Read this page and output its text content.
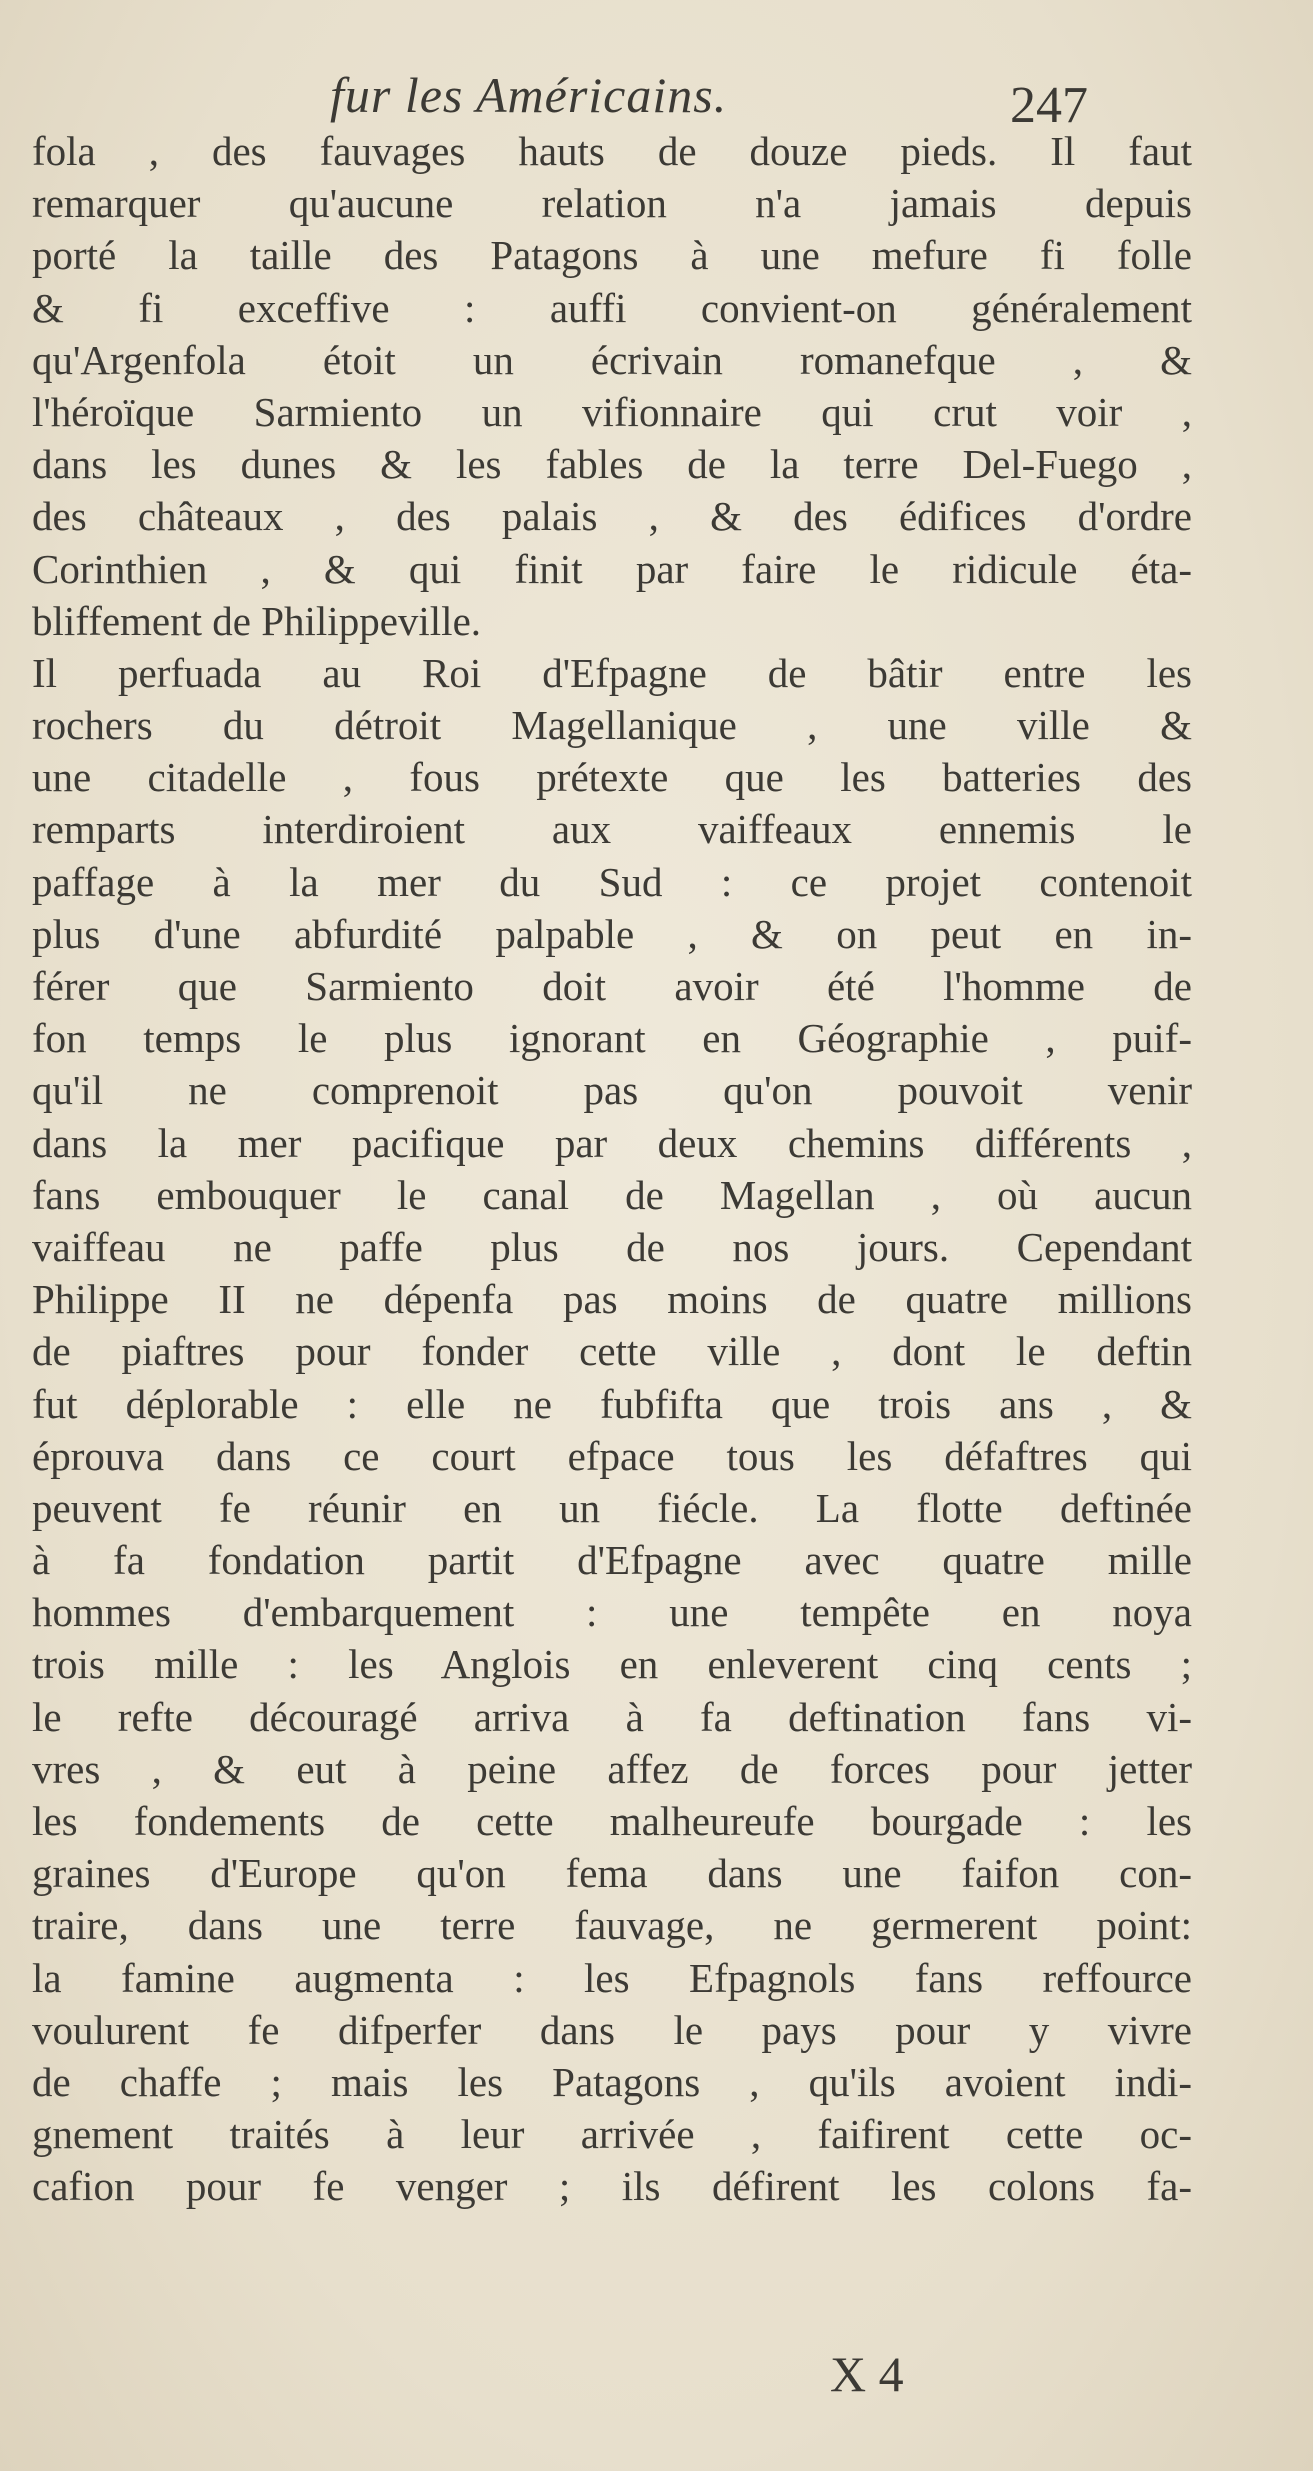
fur les Américains.	247
fola , des fauvages hauts de douze pieds. Il faut
remarquer qu'aucune relation n'a jamais depuis
porté la taille des Patagons à une mefure fi folle
& fi exceffive : auffi convient-on généralement
qu'Argenfola étoit un écrivain romanefque , &
l'héroïque Sarmiento un vifionnaire qui crut voir ,
dans les dunes & les fables de la terre Del-Fuego ,
des châteaux , des palais , & des édifices d'ordre
Corinthien , & qui finit par faire le ridicule éta-
bliffement de Philippeville.
Il perfuada au Roi d'Efpagne de bâtir entre les
rochers du détroit Magellanique , une ville &
une citadelle , fous prétexte que les batteries des
remparts interdiroient aux vaiffeaux ennemis le
paffage à la mer du Sud : ce projet contenoit
plus d'une abfurdité palpable , & on peut en in-
férer que Sarmiento doit avoir été l'homme de
fon temps le plus ignorant en Géographie , puif-
qu'il ne comprenoit pas qu'on pouvoit venir
dans la mer pacifique par deux chemins différents ,
fans embouquer le canal de Magellan , où aucun
vaiffeau ne paffe plus de nos jours. Cependant
Philippe II ne dépenfa pas moins de quatre millions
de piaftres pour fonder cette ville , dont le deftin
fut déplorable : elle ne fubfifta que trois ans , &
éprouva dans ce court efpace tous les défaftres qui
peuvent fe réunir en un fiécle. La flotte deftinée
à fa fondation partit d'Efpagne avec quatre mille
hommes d'embarquement : une tempête en noya
trois mille : les Anglois en enleverent cinq cents ;
le refte découragé arriva à fa deftination fans vi-
vres , & eut à peine affez de forces pour jetter
les fondements de cette malheureufe bourgade : les
graines d'Europe qu'on fema dans une faifon con-
traire, dans une terre fauvage, ne germerent point:
la famine augmenta : les Efpagnols fans reffource
voulurent fe difperfer dans le pays pour y vivre
de chaffe ; mais les Patagons , qu'ils avoient indi-
gnement traités à leur arrivée , faifirent cette oc-
cafion pour fe venger ; ils défirent les colons fa-
X 4
